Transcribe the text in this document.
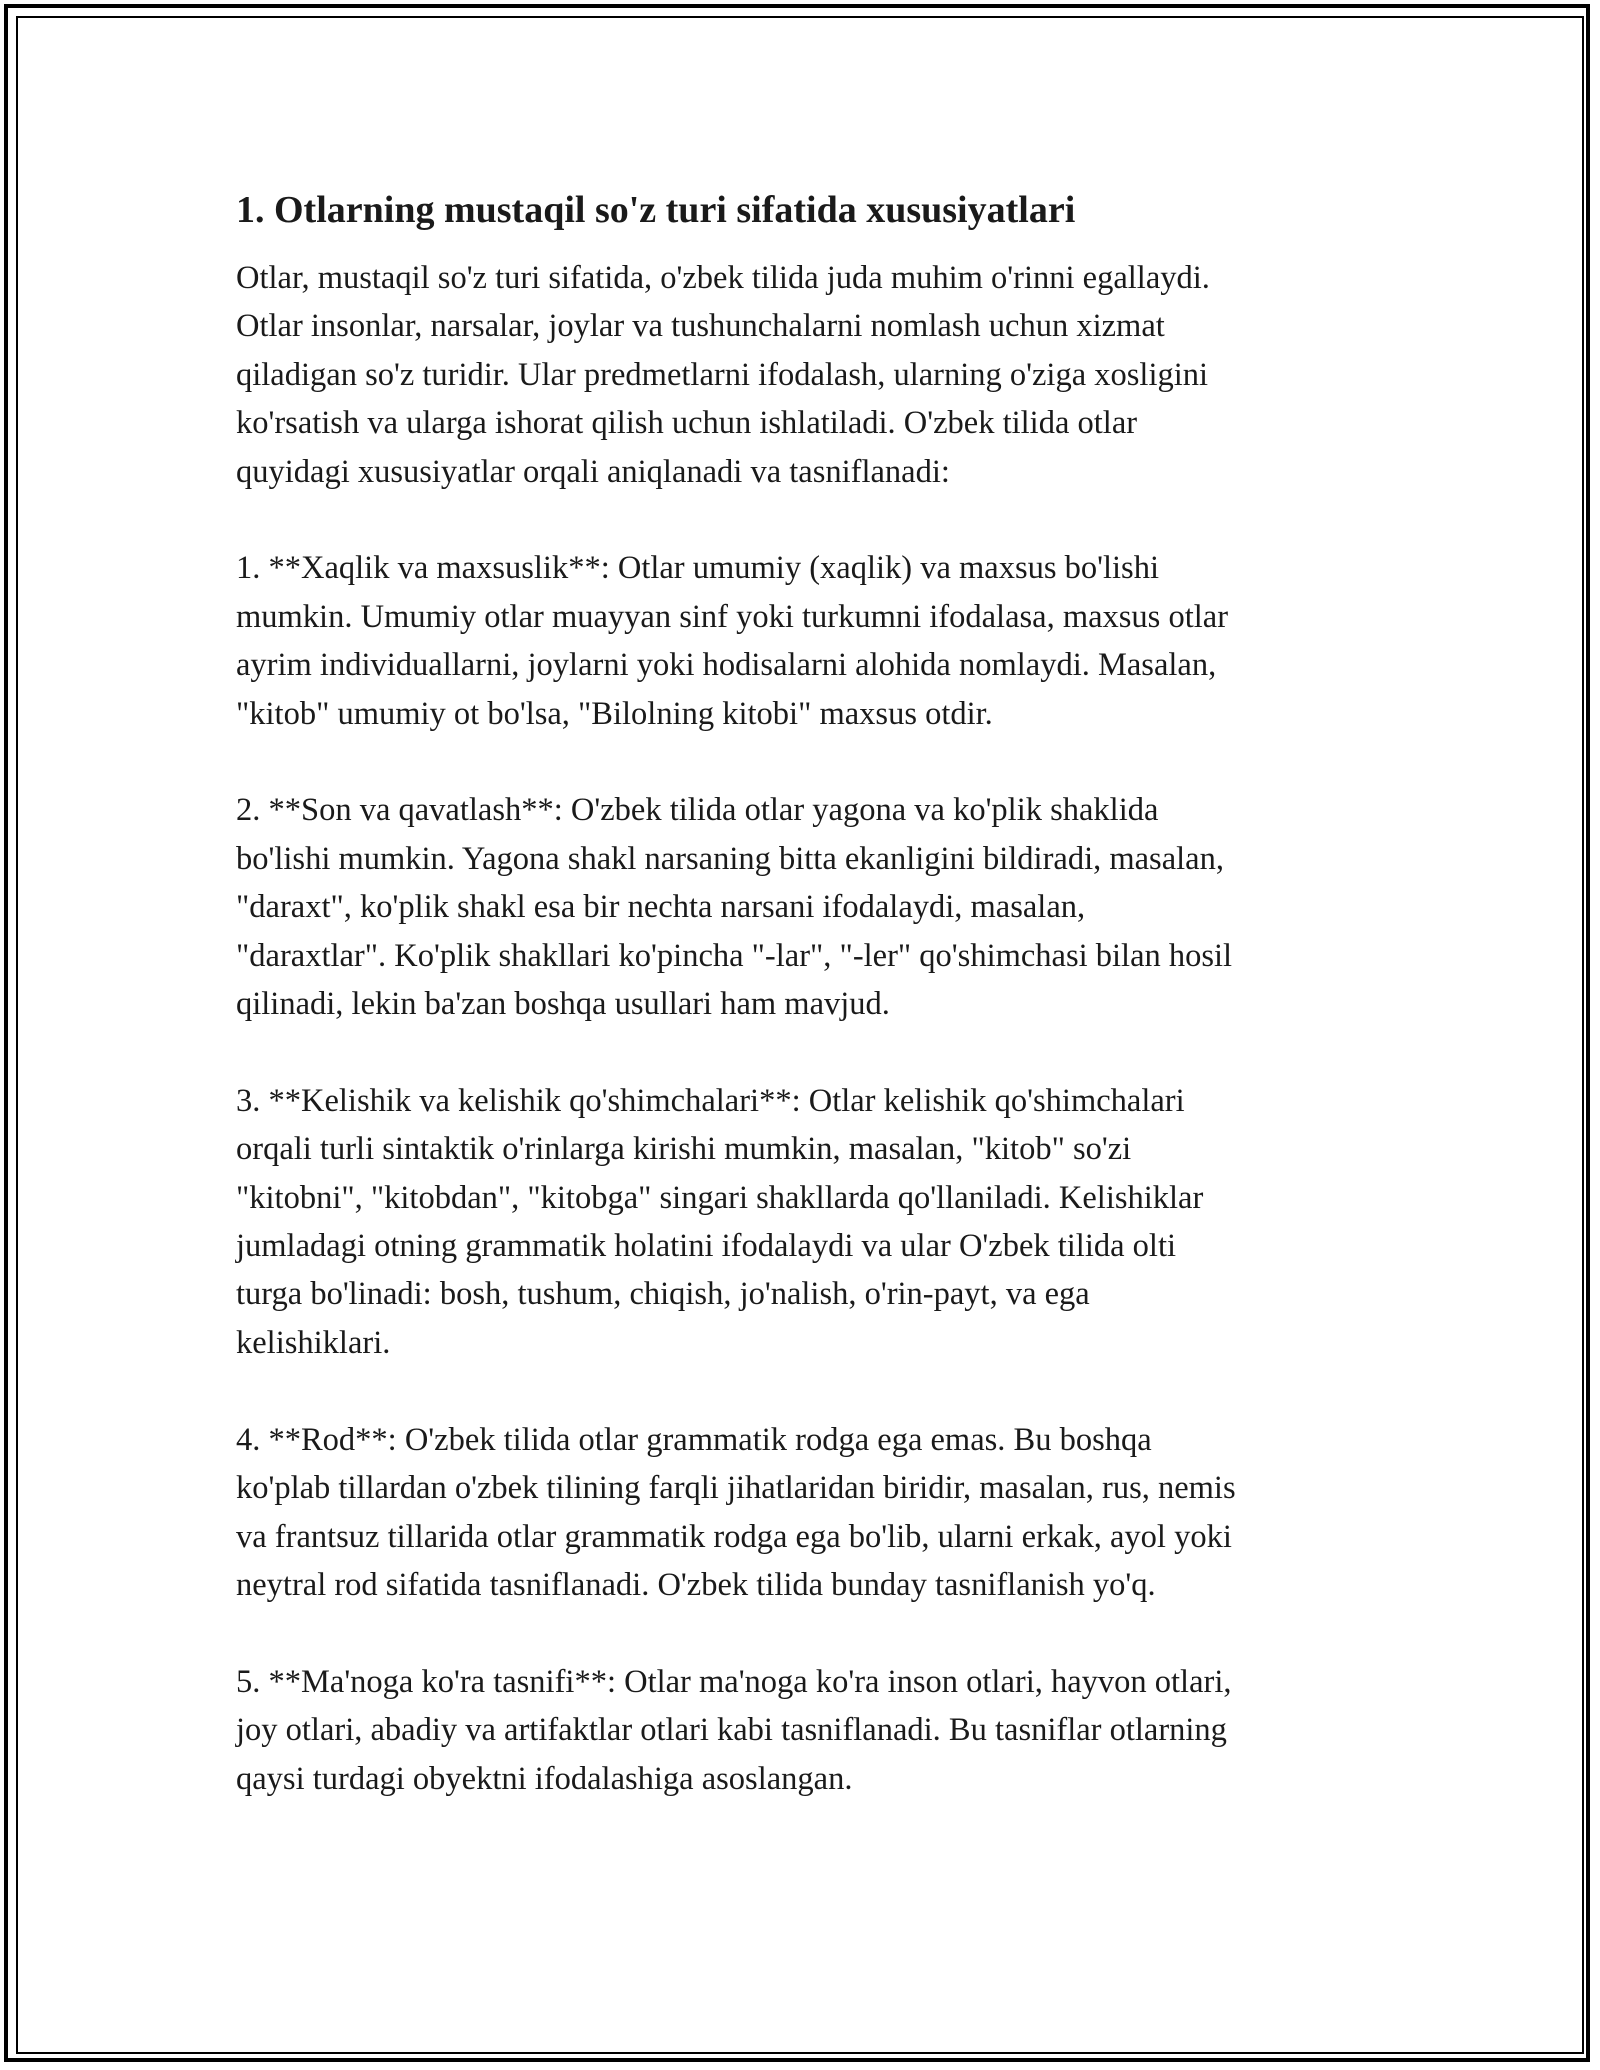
1. Otlarning mustaqil so'z turi sifatida xususiyatlari

Otlar, mustaqil so'z turi sifatida, o'zbek tilida juda muhim o'rinni egallaydi.
Otlar insonlar, narsalar, joylar va tushunchalarni nomlash uchun xizmat
qiladigan so'z turidir. Ular predmetlarni ifodalash, ularning o'ziga xosligini
ko'rsatish va ularga ishorat qilish uchun ishlatiladi. O'zbek tilida otlar
quyidagi xususiyatlar orqali aniqlanadi va tasniflanadi:

1. **Xaqlik va maxsuslik**: Otlar umumiy (xaqlik) va maxsus bo'lishi
mumkin. Umumiy otlar muayyan sinf yoki turkumni ifodalasa, maxsus otlar
ayrim individuallarni, joylarni yoki hodisalarni alohida nomlaydi. Masalan,
"kitob" umumiy ot bo'lsa, "Bilolning kitobi" maxsus otdir.

2. **Son va qavatlash**: O'zbek tilida otlar yagona va ko'plik shaklida
bo'lishi mumkin. Yagona shakl narsaning bitta ekanligini bildiradi, masalan,
"daraxt", ko'plik shakl esa bir nechta narsani ifodalaydi, masalan,
"daraxtlar". Ko'plik shakllari ko'pincha "-lar", "-ler" qo'shimchasi bilan hosil
qilinadi, lekin ba'zan boshqa usullari ham mavjud.

3. **Kelishik va kelishik qo'shimchalari**: Otlar kelishik qo'shimchalari
orqali turli sintaktik o'rinlarga kirishi mumkin, masalan, "kitob" so'zi
"kitobni", "kitobdan", "kitobga" singari shakllarda qo'llaniladi. Kelishiklar
jumladagi otning grammatik holatini ifodalaydi va ular O'zbek tilida olti
turga bo'linadi: bosh, tushum, chiqish, jo'nalish, o'rin-payt, va ega
kelishiklari.

4. **Rod**: O'zbek tilida otlar grammatik rodga ega emas. Bu boshqa
ko'plab tillardan o'zbek tilining farqli jihatlaridan biridir, masalan, rus, nemis
va frantsuz tillarida otlar grammatik rodga ega bo'lib, ularni erkak, ayol yoki
neytral rod sifatida tasniflanadi. O'zbek tilida bunday tasniflanish yo'q.

5. **Ma'noga ko'ra tasnifi**: Otlar ma'noga ko'ra inson otlari, hayvon otlari,
joy otlari, abadiy va artifaktlar otlari kabi tasniflanadi. Bu tasniflar otlarning
qaysi turdagi obyektni ifodalashiga asoslangan.
